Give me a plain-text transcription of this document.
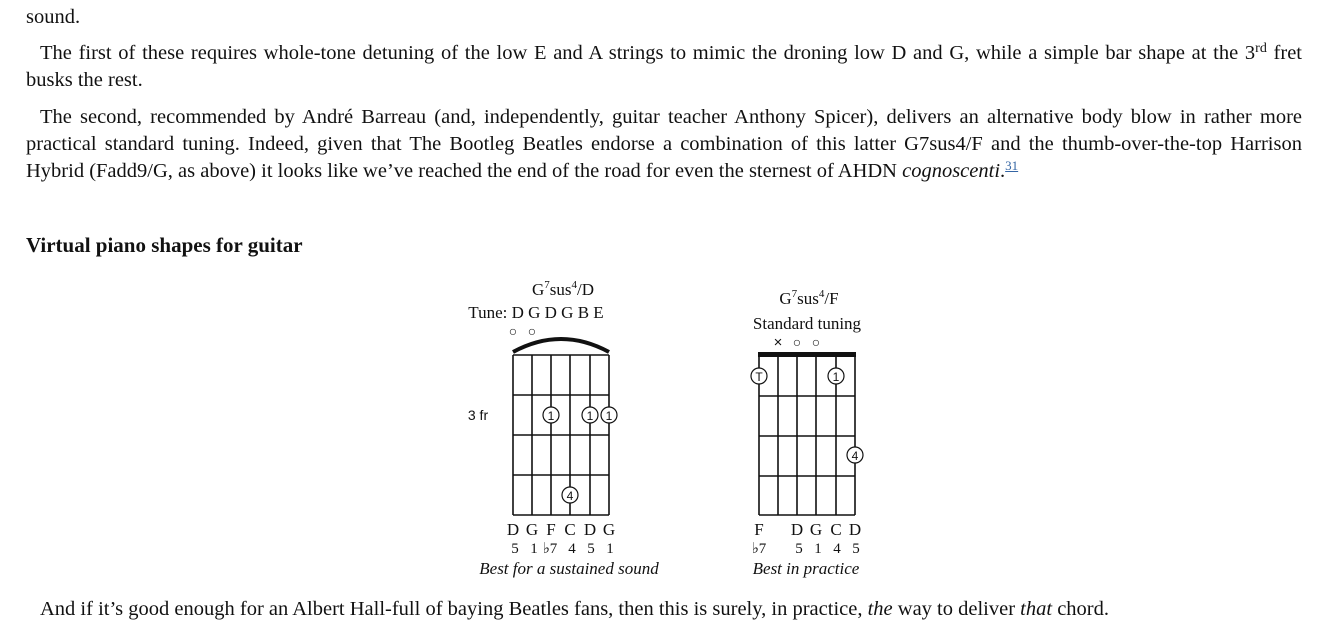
sound.

The first of these requires whole-tone detuning of the low E and A strings to mimic the droning low D and G, while a simple bar shape at the 3rd fret busks the rest.

The second, recommended by André Barreau (and, independently, guitar teacher Anthony Spicer), delivers an alternative body blow in rather more practical standard tuning. Indeed, given that The Bootleg Beatles endorse a combination of this latter G7sus4/F and the thumb-over-the-top Harrison Hybrid (Fadd9/G, as above) it looks like we’ve reached the end of the road for even the sternest of AHDN cognoscenti.$^{31}$

Virtual piano shapes for guitar
$G^7sus^4/D$
Tune: D G D G B E
○ ○
3 fr	1	1 1
4
D G F C D G
5 1 ♭7 4 5 1
Best for a sustained sound
$G^7sus^4/F$
Standard tuning
× ○ ○
T	1
4
F D G C D
♭7 5 1 4 5
Best in practice

And if it’s good enough for an Albert Hall-full of baying Beatles fans, then this is surely, in practice, the way to deliver that chord.
